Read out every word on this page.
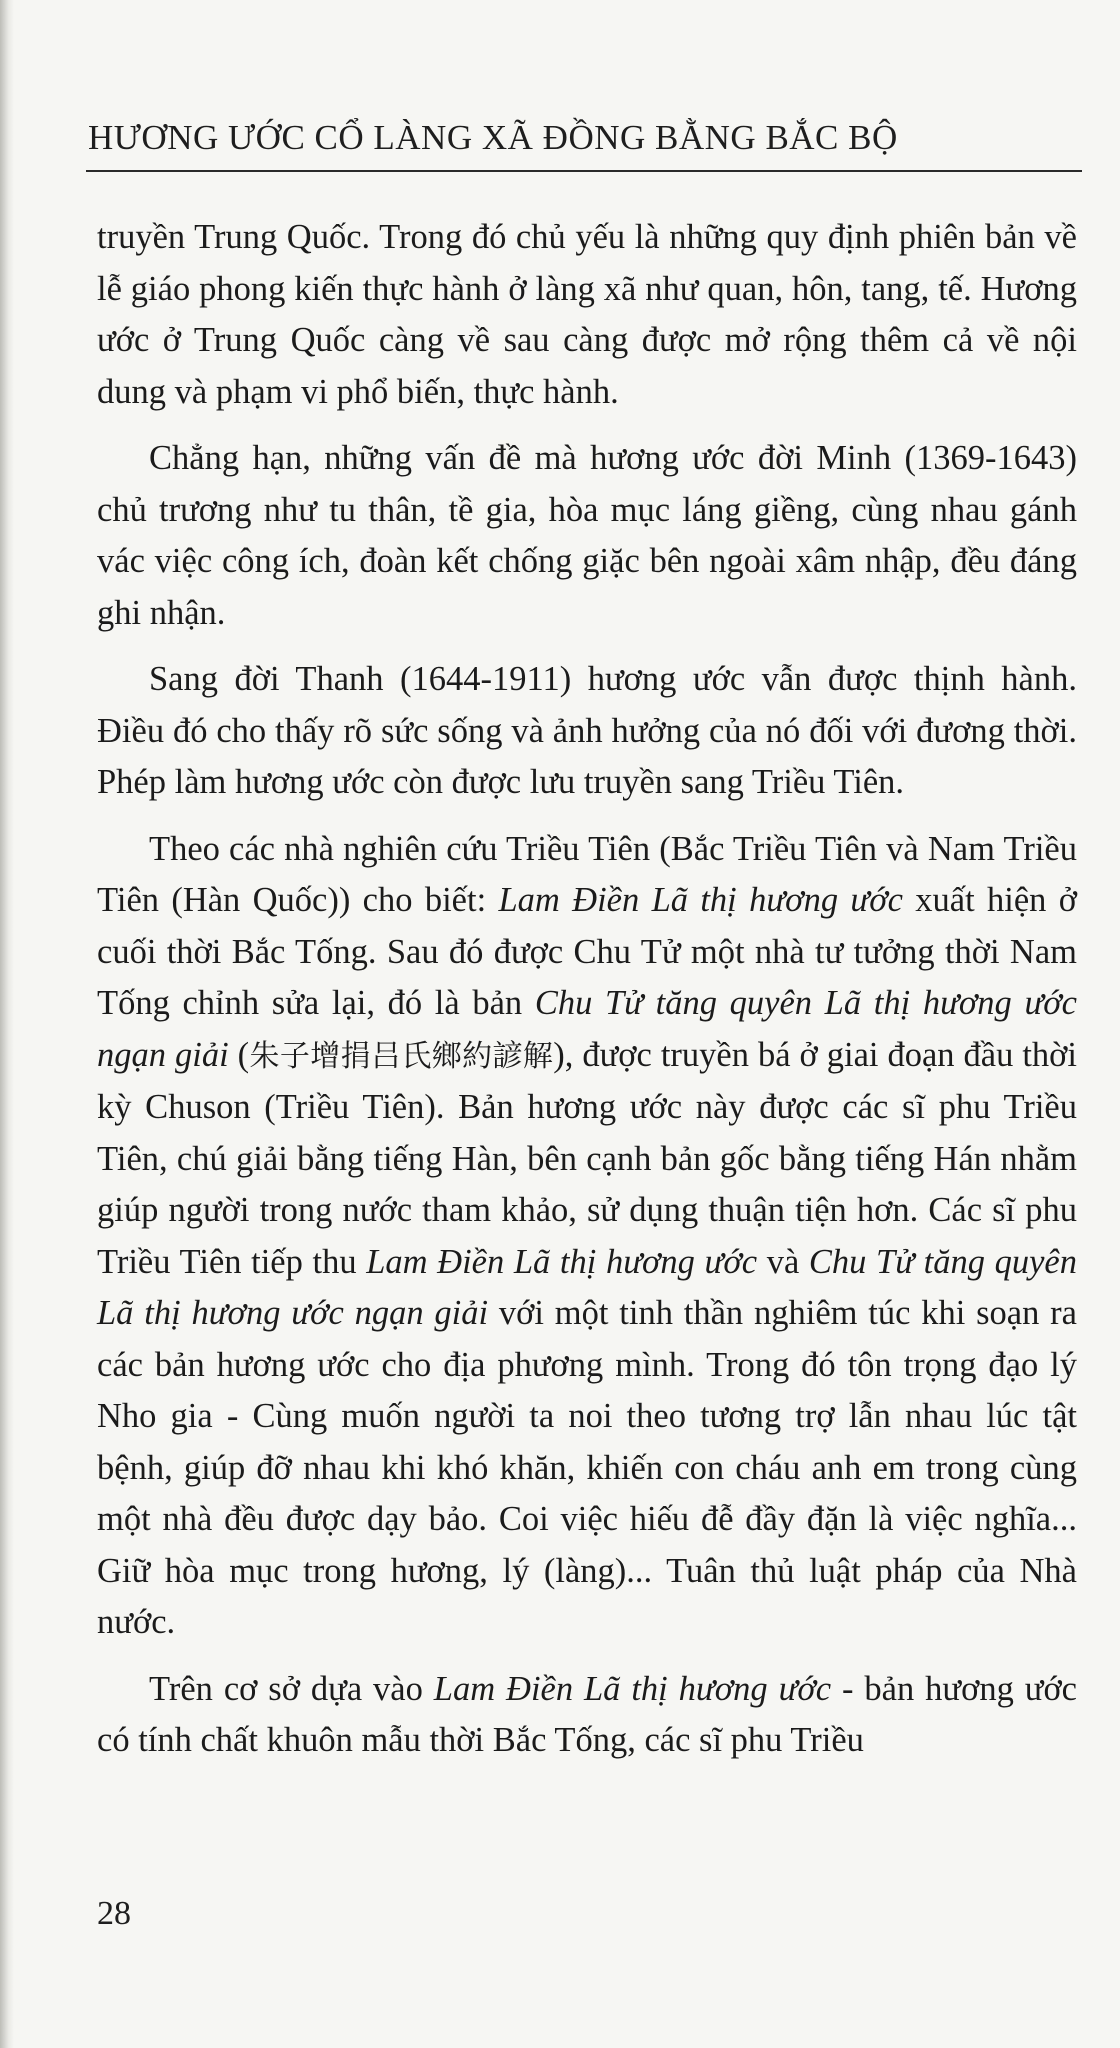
HƯƠNG ƯỚC CỔ LÀNG XÃ ĐỒNG BẰNG BẮC BỘ

truyền Trung Quốc. Trong đó chủ yếu là những quy định phiên bản về lễ giáo phong kiến thực hành ở làng xã như quan, hôn, tang, tế. Hương ước ở Trung Quốc càng về sau càng được mở rộng thêm cả về nội dung và phạm vi phổ biến, thực hành.

Chẳng hạn, những vấn đề mà hương ước đời Minh (1369-1643) chủ trương như tu thân, tề gia, hòa mục láng giềng, cùng nhau gánh vác việc công ích, đoàn kết chống giặc bên ngoài xâm nhập, đều đáng ghi nhận.

Sang đời Thanh (1644-1911) hương ước vẫn được thịnh hành. Điều đó cho thấy rõ sức sống và ảnh hưởng của nó đối với đương thời. Phép làm hương ước còn được lưu truyền sang Triều Tiên.

Theo các nhà nghiên cứu Triều Tiên (Bắc Triều Tiên và Nam Triều Tiên (Hàn Quốc)) cho biết: Lam Điền Lã thị hương ước xuất hiện ở cuối thời Bắc Tống. Sau đó được Chu Tử một nhà tư tưởng thời Nam Tống chỉnh sửa lại, đó là bản Chu Tử tăng quyên Lã thị hương ước ngạn giải (朱子增捐吕氏鄉約諺解), được truyền bá ở giai đoạn đầu thời kỳ Chuson (Triều Tiên). Bản hương ước này được các sĩ phu Triều Tiên, chú giải bằng tiếng Hàn, bên cạnh bản gốc bằng tiếng Hán nhằm giúp người trong nước tham khảo, sử dụng thuận tiện hơn. Các sĩ phu Triều Tiên tiếp thu Lam Điền Lã thị hương ước và Chu Tử tăng quyên Lã thị hương ước ngạn giải với một tinh thần nghiêm túc khi soạn ra các bản hương ước cho địa phương mình. Trong đó tôn trọng đạo lý Nho gia - Cùng muốn người ta noi theo tương trợ lẫn nhau lúc tật bệnh, giúp đỡ nhau khi khó khăn, khiến con cháu anh em trong cùng một nhà đều được dạy bảo. Coi việc hiếu đễ đầy đặn là việc nghĩa... Giữ hòa mục trong hương, lý (làng)... Tuân thủ luật pháp của Nhà nước.

Trên cơ sở dựa vào Lam Điền Lã thị hương ước - bản hương ước có tính chất khuôn mẫu thời Bắc Tống, các sĩ phu Triều

28
